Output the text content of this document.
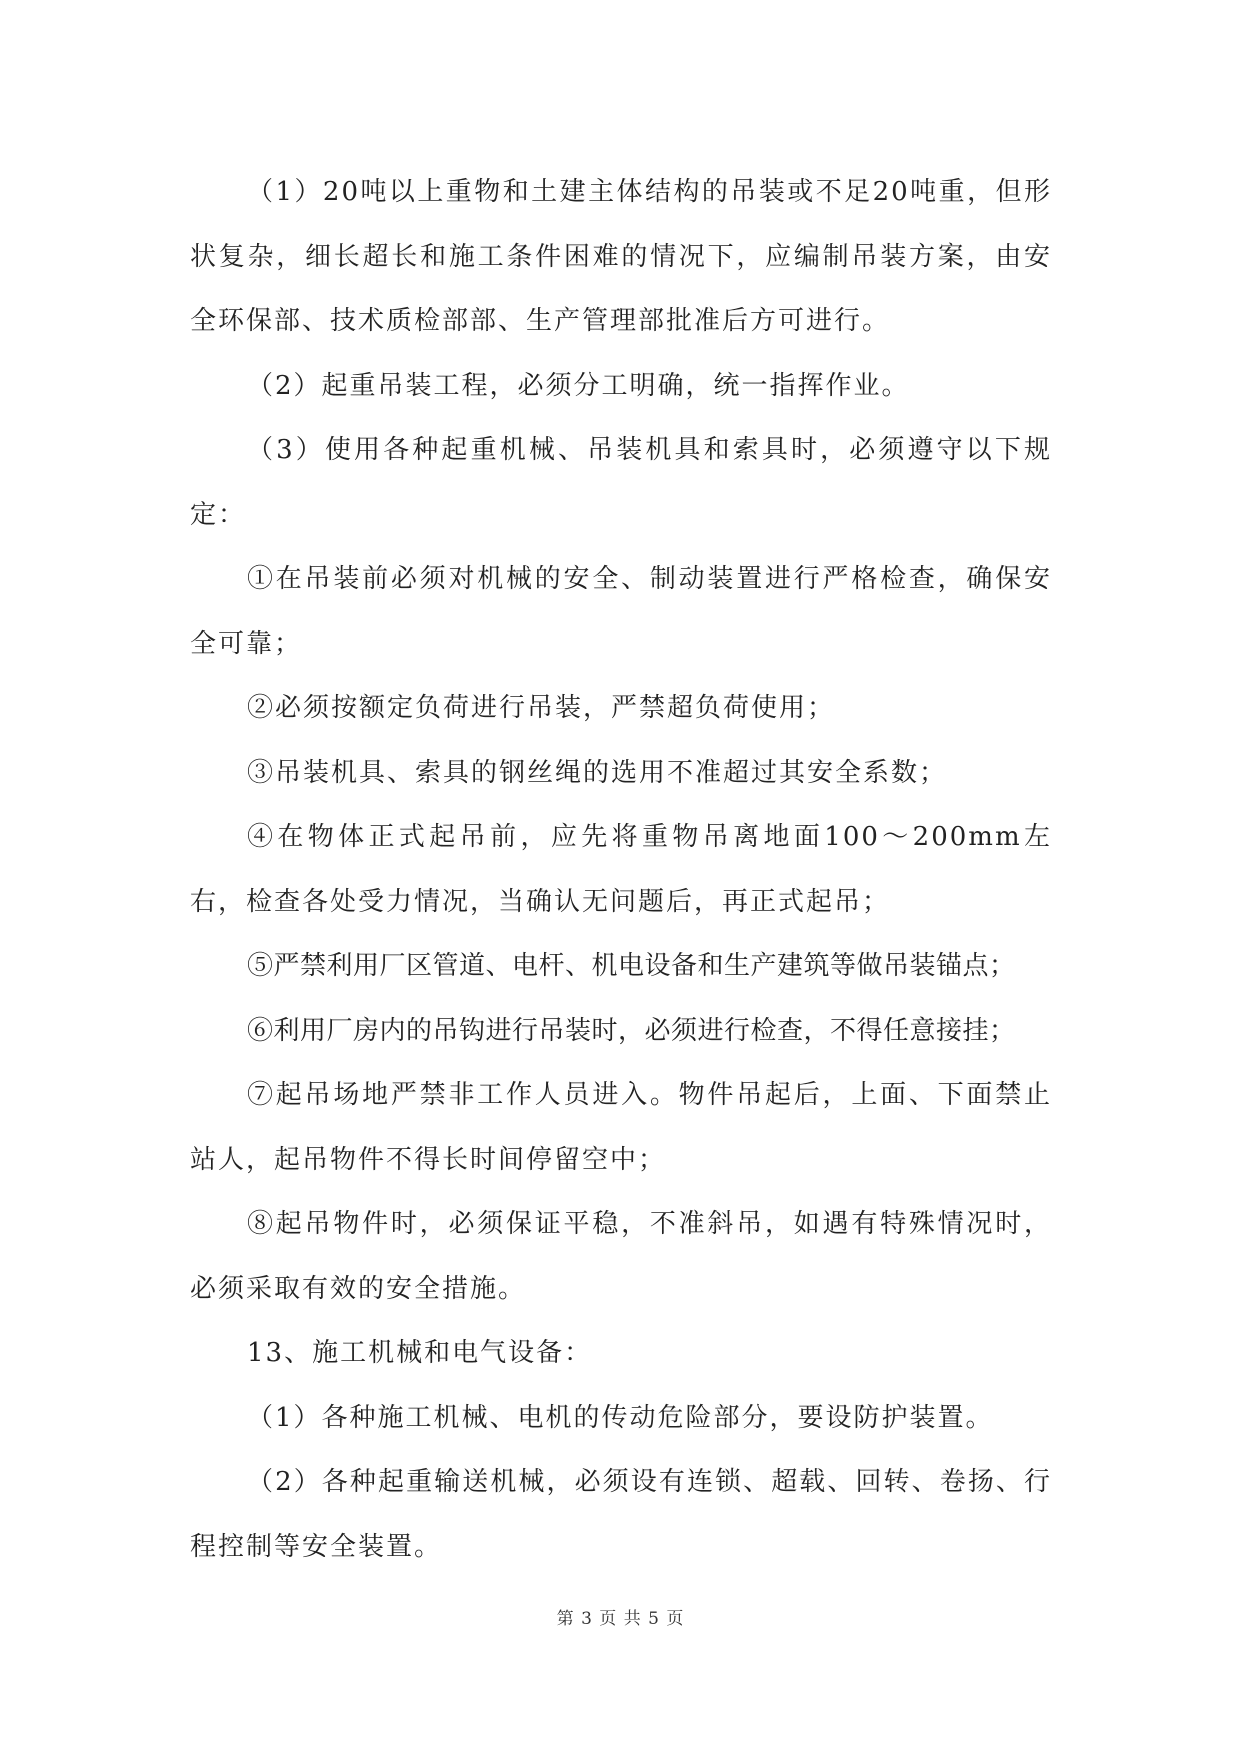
（1）20吨以上重物和土建主体结构的吊装或不足20吨重，但形状复杂，细长超长和施工条件困难的情况下，应编制吊装方案，由安全环保部、技术质检部部、生产管理部批准后方可进行。

（2）起重吊装工程，必须分工明确，统一指挥作业。

（3）使用各种起重机械、吊装机具和索具时，必须遵守以下规定：

①在吊装前必须对机械的安全、制动装置进行严格检查，确保安全可靠；

②必须按额定负荷进行吊装，严禁超负荷使用；

③吊装机具、索具的钢丝绳的选用不准超过其安全系数；

④在物体正式起吊前，应先将重物吊离地面100～200mm左右，检查各处受力情况，当确认无问题后，再正式起吊；

⑤严禁利用厂区管道、电杆、机电设备和生产建筑等做吊装锚点；

⑥利用厂房内的吊钩进行吊装时，必须进行检查，不得任意接挂；

⑦起吊场地严禁非工作人员进入。物件吊起后，上面、下面禁止站人，起吊物件不得长时间停留空中；

⑧起吊物件时，必须保证平稳，不准斜吊，如遇有特殊情况时，必须采取有效的安全措施。

13、施工机械和电气设备：

（1）各种施工机械、电机的传动危险部分，要设防护装置。

（2）各种起重输送机械，必须设有连锁、超载、回转、卷扬、行程控制等安全装置。

第 3 页 共 5 页
